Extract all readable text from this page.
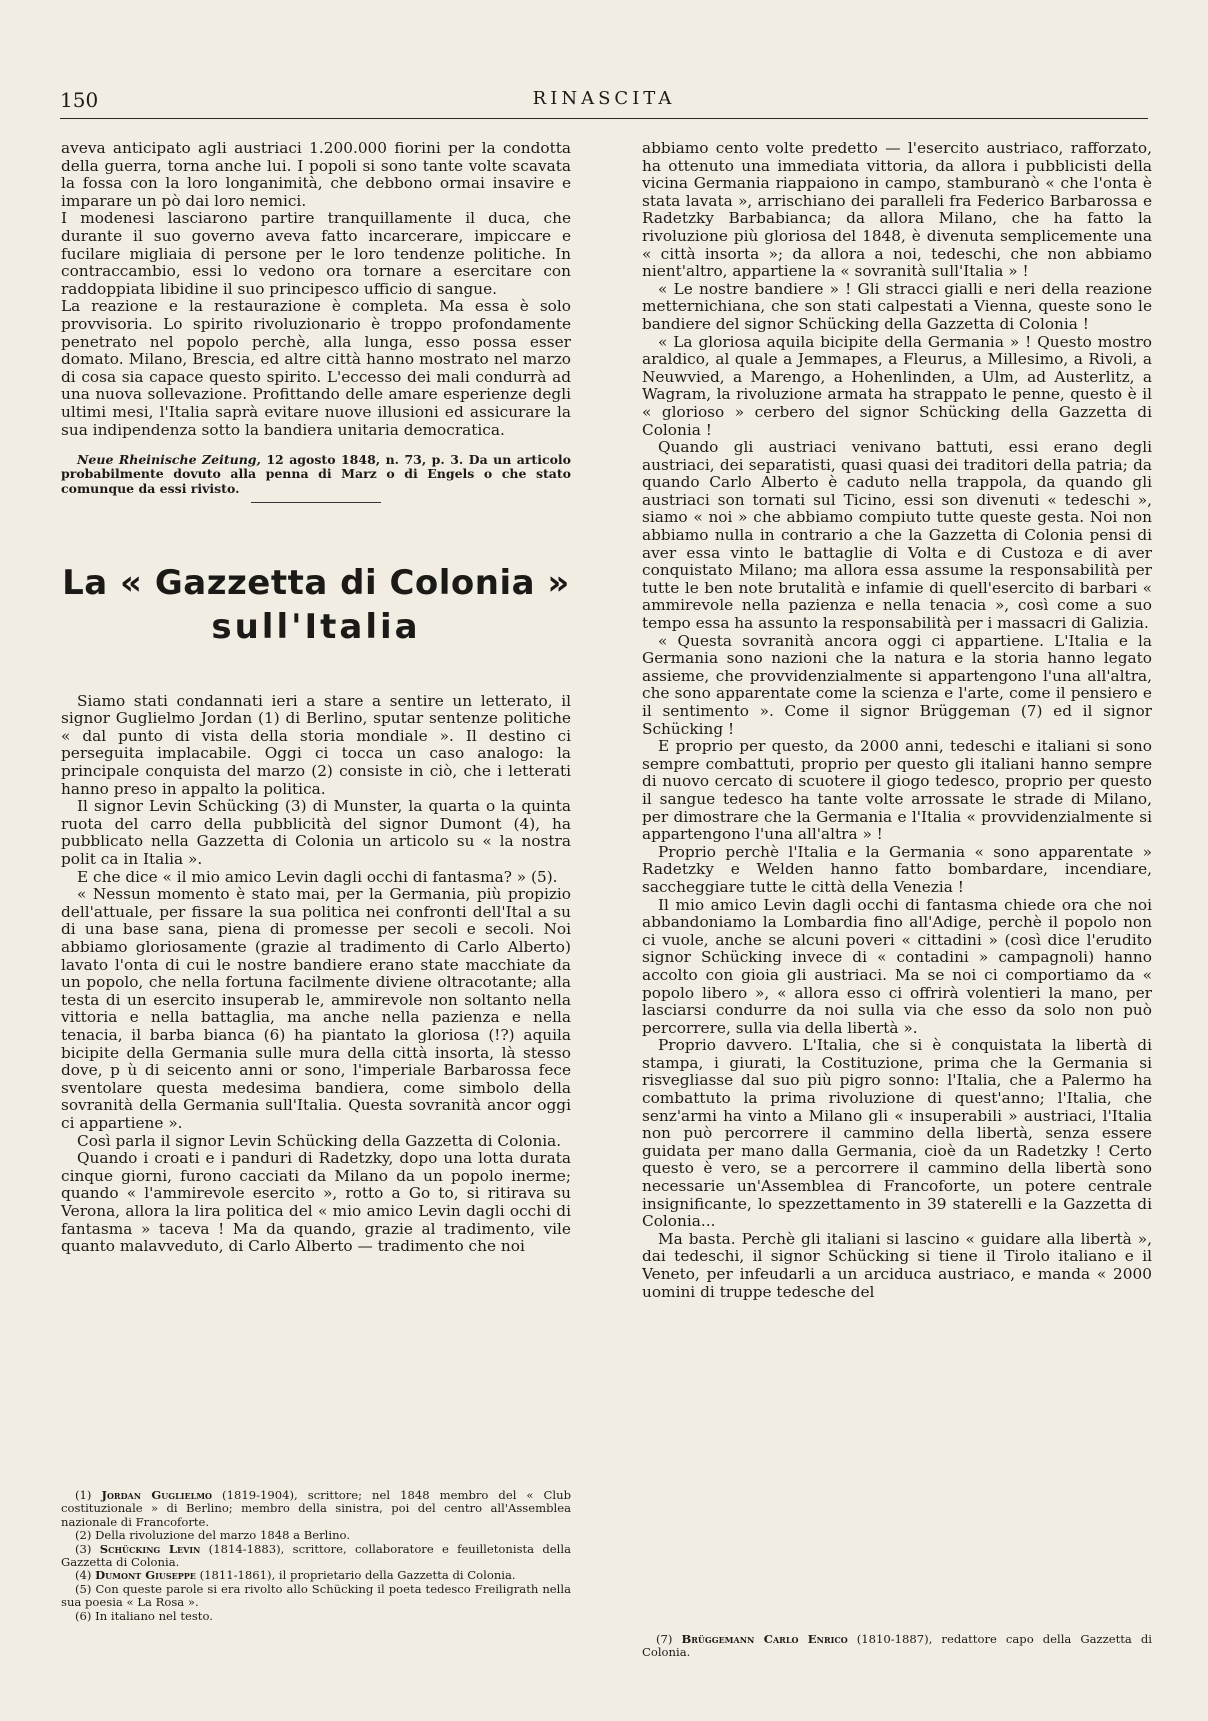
150	RINASCITA

aveva anticipato agli austriaci 1.200.000 fiorini per la condotta della guerra, torna anche lui. I popoli si sono tante volte scavata la fossa con la loro longanimità, che debbono ormai insavire e imparare un pò dai loro nemici.

I modenesi lasciarono partire tranquillamente il duca, che durante il suo governo aveva fatto incarcerare, impiccare e fucilare migliaia di persone per le loro tendenze politiche. In contraccambio, essi lo vedono ora tornare a esercitare con raddoppiata libidine il suo principesco ufficio di sangue.

La reazione e la restaurazione è completa. Ma essa è solo provvisoria. Lo spirito rivoluzionario è troppo profondamente penetrato nel popolo perchè, alla lunga, esso possa esser domato. Milano, Brescia, ed altre città hanno mostrato nel marzo di cosa sia capace questo spirito. L'eccesso dei mali condurrà ad una nuova sollevazione. Profittando delle amare esperienze degli ultimi mesi, l'Italia saprà evitare nuove illusioni ed assicurare la sua indipendenza sotto la bandiera unitaria democratica.

Neue Rheinische Zeitung, 12 agosto 1848, n. 73, p. 3. Da un articolo probabilmente dovuto alla penna di Marz o di Engels o che stato comunque da essi rivisto.
La « Gazzetta di Colonia »
sull'Italia

Siamo stati condannati ieri a stare a sentire un letterato, il signor Guglielmo Jordan (1) di Berlino, sputar sentenze politiche « dal punto di vista della storia mondiale ». Il destino ci perseguita implacabile. Oggi ci tocca un caso analogo: la principale conquista del marzo (2) consiste in ciò, che i letterati hanno preso in appalto la politica.

Il signor Levin Schücking (3) di Munster, la quarta o la quinta ruota del carro della pubblicità del signor Dumont (4), ha pubblicato nella Gazzetta di Colonia un articolo su « la nostra polit ca in Italia ».

E che dice « il mio amico Levin dagli occhi di fantasma? » (5).

« Nessun momento è stato mai, per la Germania, più propizio dell'attuale, per fissare la sua politica nei confronti dell'Ital a su di una base sana, piena di promesse per secoli e secoli. Noi abbiamo gloriosamente (grazie al tradimento di Carlo Alberto) lavato l'onta di cui le nostre bandiere erano state macchiate da un popolo, che nella fortuna facilmente diviene oltracotante; alla testa di un esercito insuperab le, ammirevole non soltanto nella vittoria e nella battaglia, ma anche nella pazienza e nella tenacia, il barba bianca (6) ha piantato la gloriosa (!?) aquila bicipite della Germania sulle mura della città insorta, là stesso dove, p ù di seicento anni or sono, l'imperiale Barbarossa fece sventolare questa medesima bandiera, come simbolo della sovranità della Germania sull'Italia. Questa sovranità ancor oggi ci appartiene ».

Così parla il signor Levin Schücking della Gazzetta di Colonia.

Quando i croati e i panduri di Radetzky, dopo una lotta durata cinque giorni, furono cacciati da Milano da un popolo inerme; quando « l'ammirevole esercito », rotto a Go to, si ritirava su Verona, allora la lira politica del « mio amico Levin dagli occhi di fantasma » taceva ! Ma da quando, grazie al tradimento, vile quanto malavveduto, di Carlo Alberto — tradimento che noi

(1) Jordan Guglielmo (1819-1904), scrittore; nel 1848 membro del « Club costituzionale » di Berlino; membro della sinistra, poi del centro all'Assemblea nazionale di Francoforte.
(2) Della rivoluzione del marzo 1848 a Berlino.
(3) Schücking Levin (1814-1883), scrittore, collaboratore e feuilletonista della Gazzetta di Colonia.
(4) Dumont Giuseppe (1811-1861), il proprietario della Gazzetta di Colonia.
(5) Con queste parole si era rivolto allo Schücking il poeta tedesco Freiligrath nella sua poesia « La Rosa ».
(6) In italiano nel testo.

abbiamo cento volte predetto — l'esercito austriaco, rafforzato, ha ottenuto una immediata vittoria, da allora i pubblicisti della vicina Germania riappaiono in campo, stamburanò « che l'onta è stata lavata », arrischiano dei paralleli fra Federico Barbarossa e Radetzky Barbabianca; da allora Milano, che ha fatto la rivoluzione più gloriosa del 1848, è divenuta semplicemente una « città insorta »; da allora a noi, tedeschi, che non abbiamo nient'altro, appartiene la « sovranità sull'Italia » !

« Le nostre bandiere » ! Gli stracci gialli e neri della reazione metternichiana, che son stati calpestati a Vienna, queste sono le bandiere del signor Schücking della Gazzetta di Colonia !

« La gloriosa aquila bicipite della Germania » ! Questo mostro araldico, al quale a Jemmapes, a Fleurus, a Millesimo, a Rivoli, a Neuwvied, a Marengo, a Hohenlinden, a Ulm, ad Austerlitz, a Wagram, la rivoluzione armata ha strappato le penne, questo è il « glorioso » cerbero del signor Schücking della Gazzetta di Colonia !

Quando gli austriaci venivano battuti, essi erano degli austriaci, dei separatisti, quasi quasi dei traditori della patria; da quando Carlo Alberto è caduto nella trappola, da quando gli austriaci son tornati sul Ticino, essi son divenuti « tedeschi », siamo « noi » che abbiamo compiuto tutte queste gesta. Noi non abbiamo nulla in contrario a che la Gazzetta di Colonia pensi di aver essa vinto le battaglie di Volta e di Custoza e di aver conquistato Milano; ma allora essa assume la responsabilità per tutte le ben note brutalità e infamie di quell'esercito di barbari « ammirevole nella pazienza e nella tenacia », così come a suo tempo essa ha assunto la responsabilità per i massacri di Galizia.

« Questa sovranità ancora oggi ci appartiene. L'Italia e la Germania sono nazioni che la natura e la storia hanno legato assieme, che provvidenzialmente si appartengono l'una all'altra, che sono apparentate come la scienza e l'arte, come il pensiero e il sentimento ». Come il signor Brüggeman (7) ed il signor Schücking !

E proprio per questo, da 2000 anni, tedeschi e italiani si sono sempre combattuti, proprio per questo gli italiani hanno sempre di nuovo cercato di scuotere il giogo tedesco, proprio per questo il sangue tedesco ha tante volte arrossate le strade di Milano, per dimostrare che la Germania e l'Italia « provvidenzialmente si appartengono l'una all'altra » !

Proprio perchè l'Italia e la Germania « sono apparentate » Radetzky e Welden hanno fatto bombardare, incendiare, saccheggiare tutte le città della Venezia !

Il mio amico Levin dagli occhi di fantasma chiede ora che noi abbandoniamo la Lombardia fino all'Adige, perchè il popolo non ci vuole, anche se alcuni poveri « cittadini » (così dice l'erudito signor Schücking invece di « contadini » campagnoli) hanno accolto con gioia gli austriaci. Ma se noi ci comportiamo da « popolo libero », « allora esso ci offrirà volentieri la mano, per lasciarsi condurre da noi sulla via che esso da solo non può percorrere, sulla via della libertà ».

Proprio davvero. L'Italia, che si è conquistata la libertà di stampa, i giurati, la Costituzione, prima che la Germania si risvegliasse dal suo più pigro sonno: l'Italia, che a Palermo ha combattuto la prima rivoluzione di quest'anno; l'Italia, che senz'armi ha vinto a Milano gli « insuperabili » austriaci, l'Italia non può percorrere il cammino della libertà, senza essere guidata per mano dalla Germania, cioè da un Radetzky ! Certo questo è vero, se a percorrere il cammino della libertà sono necessarie un'Assemblea di Francoforte, un potere centrale insignificante, lo spezzettamento in 39 staterelli e la Gazzetta di Colonia...

Ma basta. Perchè gli italiani si lascino « guidare alla libertà », dai tedeschi, il signor Schücking si tiene il Tirolo italiano e il Veneto, per infeudarli a un arciduca austriaco, e manda « 2000 uomini di truppe tedesche del

(7) Brüggemann Carlo Enrico (1810-1887), redattore capo della Gazzetta di Colonia.
